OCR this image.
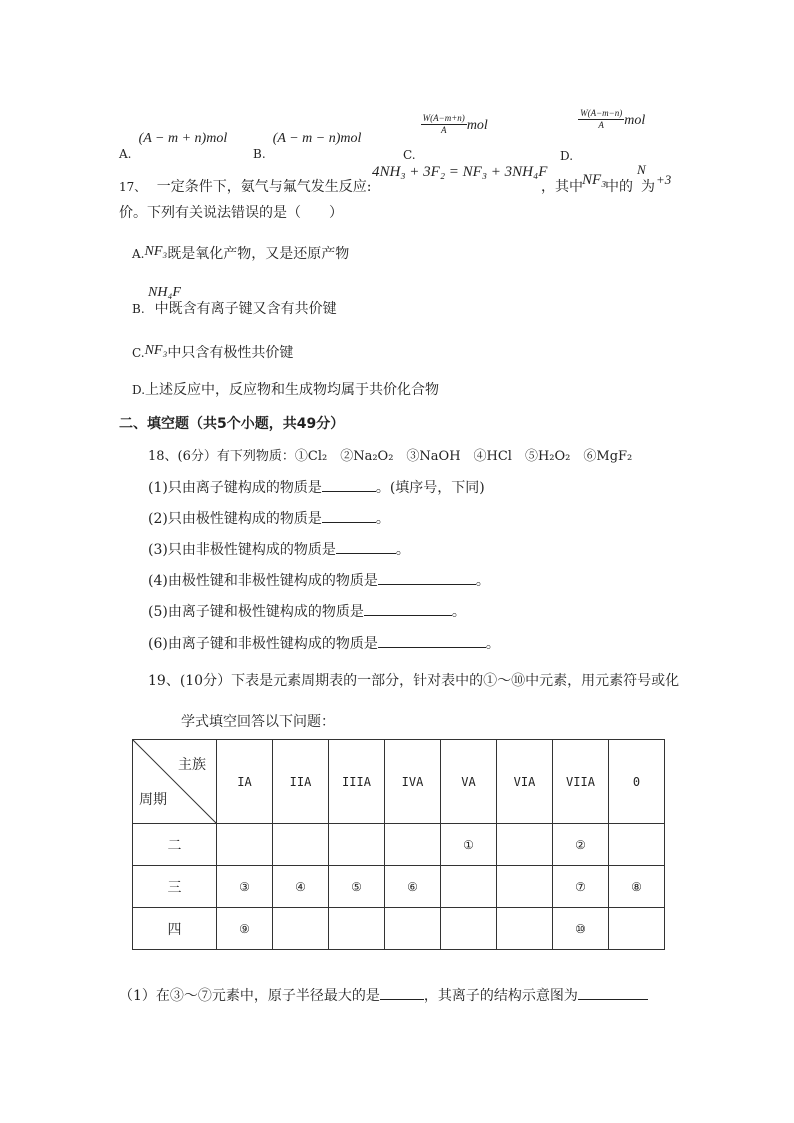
$_{A.}$ (A − m + n)mol
$_{B.}$ (A − m − n)mol
$_{C.}$
$\frac{W(A-m+n)}{A}$ mol
$_{D.}$
$\frac{W(A-m-n)}{A}$ mol
17、 一定条件下，氨气与氟气发生反应:
4NH₃ + 3F₂ = NF₃ + 3NH₄F
，其中 NF₃
中的
N
为 +3
价。下列有关说法错误的是（　　）
A.NF₃既是氧化产物，又是还原产物
NH₄F
B. 中既含有离子键又含有共价键
C.NF₃中只含有极性共价键
D.上述反应中，反应物和生成物均属于共价化合物
二、填空题（共5个小题，共49分）
18、(6分）有下列物质：①Cl₂　②Na₂O₂　③NaOH　④HCl　⑤H₂O₂　⑥MgF₂
(1)只由离子键构成的物质是	。(填序号，下同)
(2)只由极性键构成的物质是	。
(3)只由非极性键构成的物质是	。
(4)由极性键和非极性键构成的物质是	。
(5)由离子键和极性键构成的物质是	。
(6)由离子键和非极性键构成的物质是	。
19、(10分）下表是元素周期表的一部分，针对表中的①～⑩中元素，用元素符号或化
学式填空回答以下问题：
主族
周期	IA	IIA	IIIA	IVA	VA	VIA	VIIA	0
二					①		②	
三	③	④	⑤	⑥			⑦	⑧
四	⑨						⑩	
（1）在③～⑦元素中，原子半径最大的是	，其离子的结构示意图为
